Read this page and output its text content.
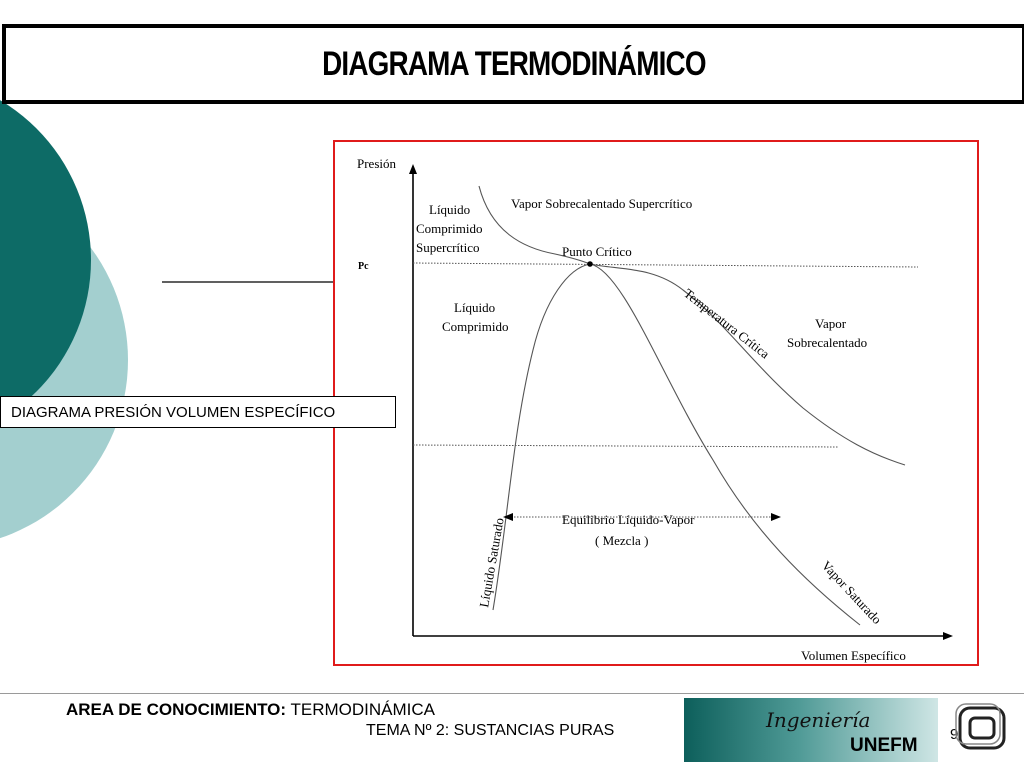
DIAGRAMA TERMODINÁMICO
Presión
Volumen Específico
Pc
Punto Crítico
Líquido
Comprimido
Supercrítico
Vapor Sobrecalentado Supercrítico
Líquido
Comprimido	Vapor
Sobrecalentado
Equilibrio Líquido-Vapor
( Mezcla )
Temperatura Crítica
Líquido Saturado	Vapor Saturado
DIAGRAMA PRESIÓN VOLUMEN ESPECÍFICO
AREA DE CONOCIMIENTO: TERMODINÁMICA
TEMA Nº 2: SUSTANCIAS PURAS	Ingeniería
UNEFM
9
